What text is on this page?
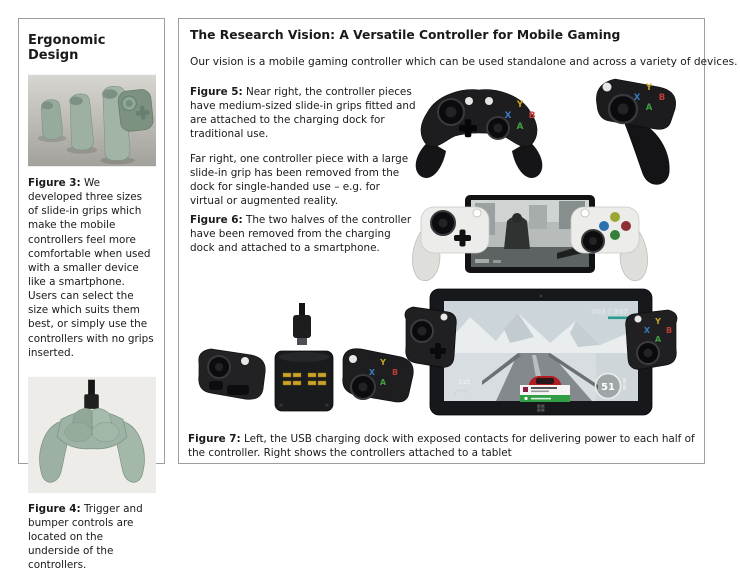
Ergonomic Design

Figure 3: We developed three sizes of slide-in grips which make the mobile controllers feel more comfortable when used with a smaller device like a smartphone. Users can select the size which suits them best, or simply use the controllers with no grips inserted.

Figure 4: Trigger and bumper controls are located on the underside of the controllers.

The Research Vision: A Versatile Controller for Mobile Gaming
Our vision is a mobile gaming controller which can be used standalone and across a variety of devices.

Figure 5: Near right, the controller pieces have medium-sized slide-in grips fitted and are attached to the charging dock for traditional use.

Far right, one controller piece with a large slide-in grip has been removed from the dock for single-handed use – e.g. for virtual or augmented reality.

Y
X B
A
Y
X B
A

Figure 6: The two halves of the controller have been removed from the charging dock and attached to a smartphone.

Y
X B
A	51
12
1st
003 | 307
Y
X B
A

Figure 7: Left, the USB charging dock with exposed contacts for delivering power to each half of the controller. Right shows the controllers attached to a tablet
